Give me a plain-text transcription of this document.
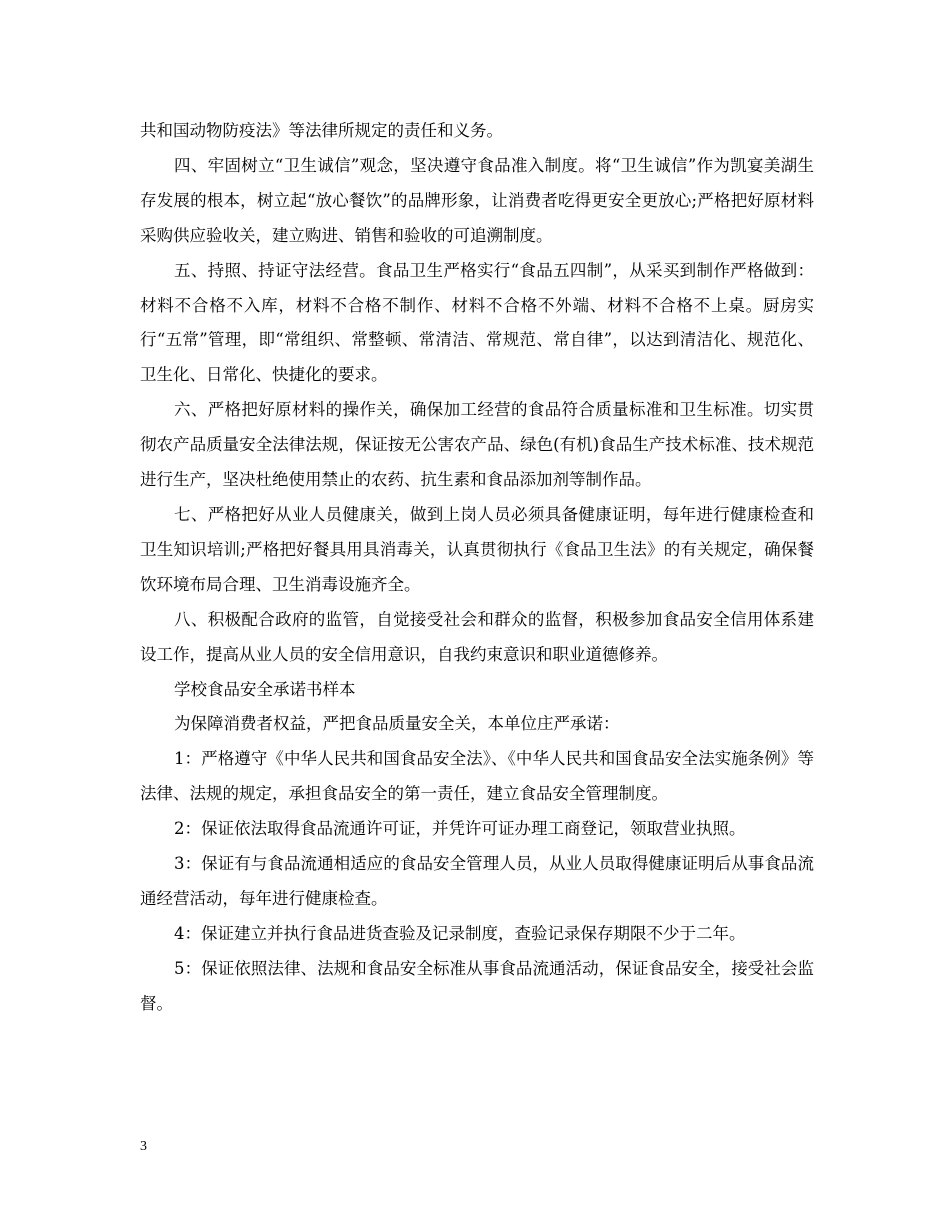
共和国动物防疫法》等法律所规定的责任和义务。

四、牢固树立“卫生诚信”观念，坚决遵守食品准入制度。将“卫生诚信”作为凯宴美湖生存发展的根本，树立起“放心餐饮”的品牌形象，让消费者吃得更安全更放心;严格把好原材料采购供应验收关，建立购进、销售和验收的可追溯制度。

五、持照、持证守法经营。食品卫生严格实行“食品五四制”，从采买到制作严格做到：材料不合格不入库，材料不合格不制作、材料不合格不外端、材料不合格不上桌。厨房实行“五常”管理，即“常组织、常整顿、常清洁、常规范、常自律”，以达到清洁化、规范化、卫生化、日常化、快捷化的要求。

六、严格把好原材料的操作关，确保加工经营的食品符合质量标准和卫生标准。切实贯彻农产品质量安全法律法规，保证按无公害农产品、绿色(有机)食品生产技术标准、技术规范进行生产，坚决杜绝使用禁止的农药、抗生素和食品添加剂等制作品。

七、严格把好从业人员健康关，做到上岗人员必须具备健康证明，每年进行健康检查和卫生知识培训;严格把好餐具用具消毒关，认真贯彻执行《食品卫生法》的有关规定，确保餐饮环境布局合理、卫生消毒设施齐全。

八、积极配合政府的监管，自觉接受社会和群众的监督，积极参加食品安全信用体系建设工作，提高从业人员的安全信用意识，自我约束意识和职业道德修养。

学校食品安全承诺书样本

为保障消费者权益，严把食品质量安全关，本单位庄严承诺：

1：严格遵守《中华人民共和国食品安全法》、《中华人民共和国食品安全法实施条例》等法律、法规的规定，承担食品安全的第一责任，建立食品安全管理制度。

2：保证依法取得食品流通许可证，并凭许可证办理工商登记，领取营业执照。

3：保证有与食品流通相适应的食品安全管理人员，从业人员取得健康证明后从事食品流通经营活动，每年进行健康检查。

4：保证建立并执行食品进货查验及记录制度，查验记录保存期限不少于二年。

5：保证依照法律、法规和食品安全标准从事食品流通活动，保证食品安全，接受社会监督。

3
